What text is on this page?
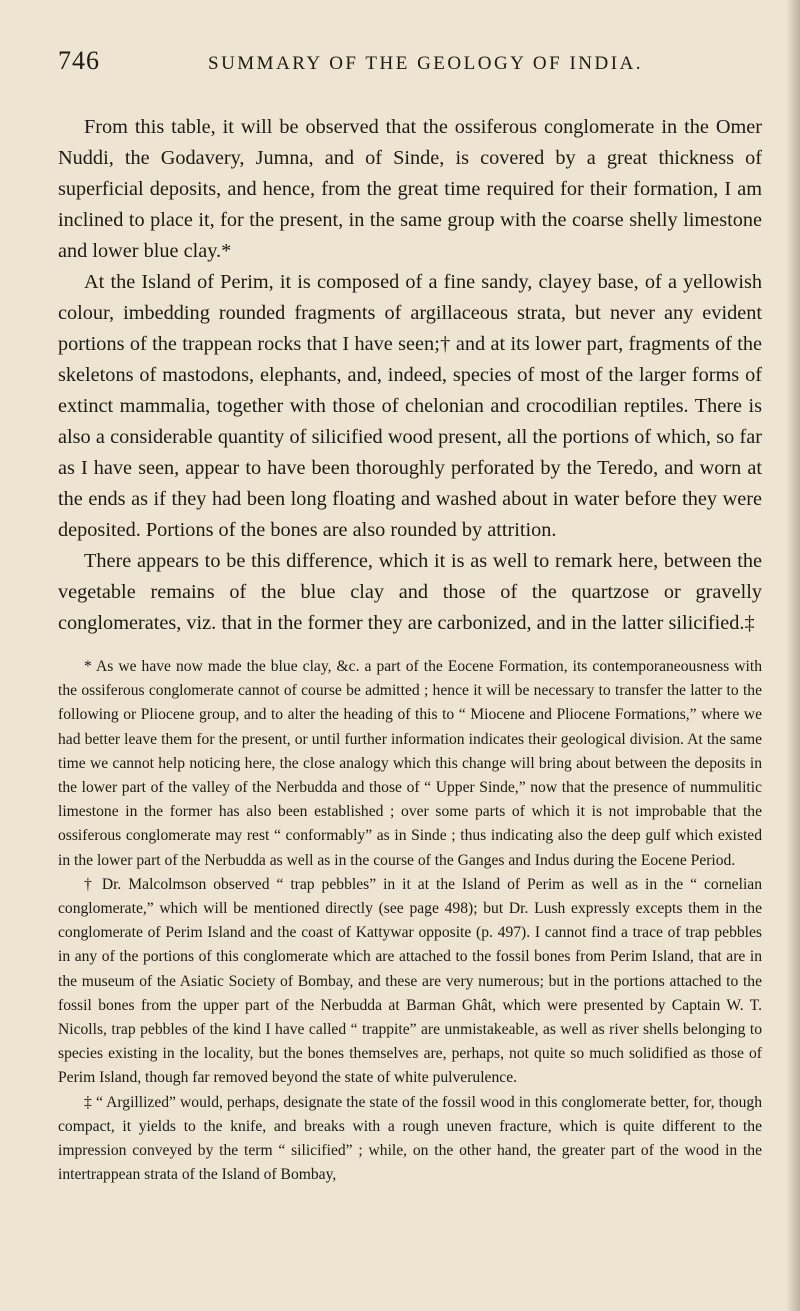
746	SUMMARY OF THE GEOLOGY OF INDIA.

From this table, it will be observed that the ossiferous conglomerate in the Omer Nuddi, the Godavery, Jumna, and of Sinde, is covered by a great thickness of superficial deposits, and hence, from the great time required for their formation, I am inclined to place it, for the present, in the same group with the coarse shelly limestone and lower blue clay.*

At the Island of Perim, it is composed of a fine sandy, clayey base, of a yellowish colour, imbedding rounded fragments of argillaceous strata, but never any evident portions of the trappean rocks that I have seen;† and at its lower part, fragments of the skeletons of mastodons, elephants, and, indeed, species of most of the larger forms of extinct mammalia, together with those of chelonian and crocodilian reptiles. There is also a considerable quantity of silicified wood present, all the portions of which, so far as I have seen, appear to have been thoroughly perforated by the Teredo, and worn at the ends as if they had been long floating and washed about in water before they were deposited. Portions of the bones are also rounded by attrition.

There appears to be this difference, which it is as well to remark here, between the vegetable remains of the blue clay and those of the quartzose or gravelly conglomerates, viz. that in the former they are carbonized, and in the latter silicified.‡

* As we have now made the blue clay, &c. a part of the Eocene Formation, its contemporaneousness with the ossiferous conglomerate cannot of course be admitted ; hence it will be necessary to transfer the latter to the following or Pliocene group, and to alter the heading of this to “ Miocene and Pliocene Formations,” where we had better leave them for the present, or until further information indicates their geological division. At the same time we cannot help noticing here, the close analogy which this change will bring about between the deposits in the lower part of the valley of the Nerbudda and those of “ Upper Sinde,” now that the presence of nummulitic limestone in the former has also been established ; over some parts of which it is not improbable that the ossiferous conglomerate may rest “ conformably” as in Sinde ; thus indicating also the deep gulf which existed in the lower part of the Nerbudda as well as in the course of the Ganges and Indus during the Eocene Period.

† Dr. Malcolmson observed “ trap pebbles” in it at the Island of Perim as well as in the “ cornelian conglomerate,” which will be mentioned directly (see page 498); but Dr. Lush expressly excepts them in the conglomerate of Perim Island and the coast of Kattywar opposite (p. 497). I cannot find a trace of trap pebbles in any of the portions of this conglomerate which are attached to the fossil bones from Perim Island, that are in the museum of the Asiatic Society of Bombay, and these are very numerous; but in the portions attached to the fossil bones from the upper part of the Nerbudda at Barman Ghât, which were presented by Captain W. T. Nicolls, trap pebbles of the kind I have called “ trappite” are unmistakeable, as well as river shells belonging to species existing in the locality, but the bones themselves are, perhaps, not quite so much solidified as those of Perim Island, though far removed beyond the state of white pulverulence.

‡ “ Argillized” would, perhaps, designate the state of the fossil wood in this conglomerate better, for, though compact, it yields to the knife, and breaks with a rough uneven fracture, which is quite different to the impression conveyed by the term “ silicified” ; while, on the other hand, the greater part of the wood in the intertrappean strata of the Island of Bombay,
